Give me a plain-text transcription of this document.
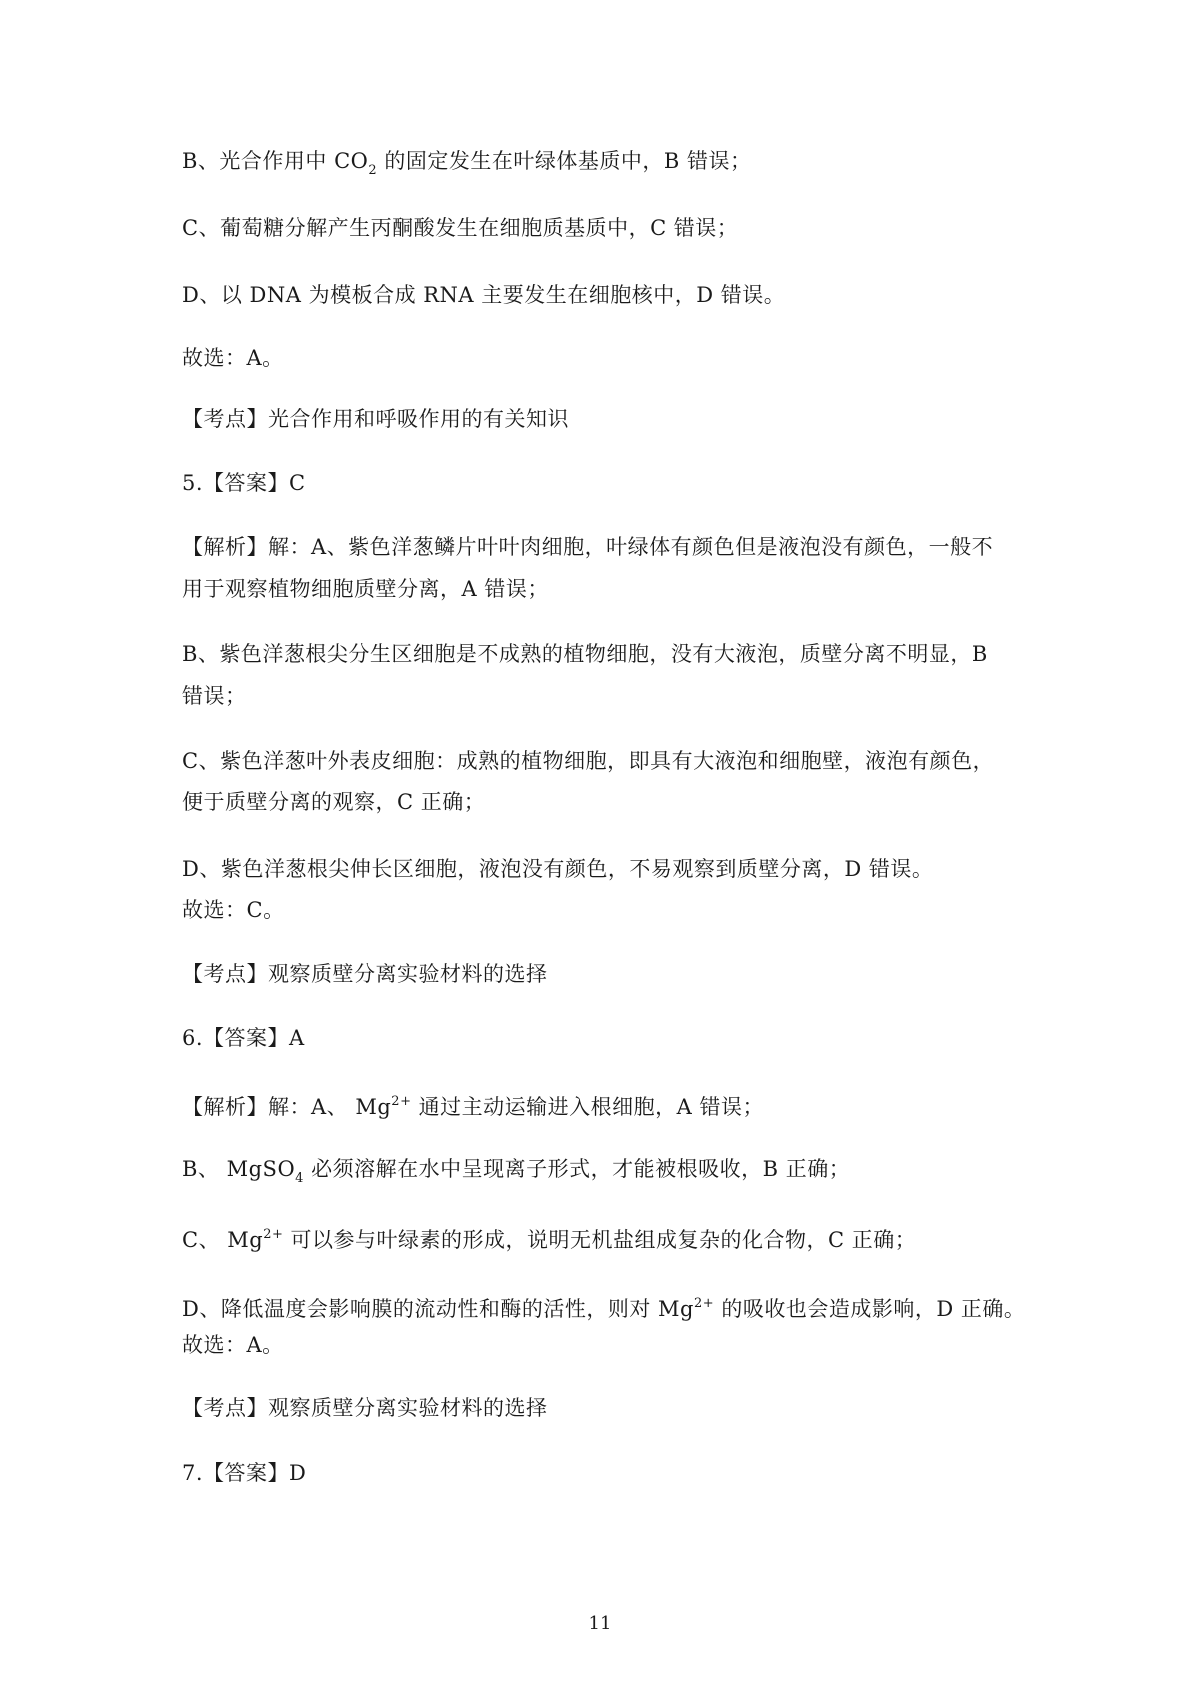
B、光合作用中 $CO_2$ 的固定发生在叶绿体基质中，B 错误；
C、葡萄糖分解产生丙酮酸发生在细胞质基质中，C 错误；
D、以 DNA 为模板合成 RNA 主要发生在细胞核中，D 错误。
故选：A。
【考点】光合作用和呼吸作用的有关知识
5.【答案】C
【解析】解：A、紫色洋葱鳞片叶叶肉细胞，叶绿体有颜色但是液泡没有颜色，一般不
用于观察植物细胞质壁分离，A 错误；
B、紫色洋葱根尖分生区细胞是不成熟的植物细胞，没有大液泡，质壁分离不明显，B
错误；
C、紫色洋葱叶外表皮细胞：成熟的植物细胞，即具有大液泡和细胞壁，液泡有颜色，
便于质壁分离的观察，C 正确；
D、紫色洋葱根尖伸长区细胞，液泡没有颜色，不易观察到质壁分离，D 错误。
故选：C。
【考点】观察质壁分离实验材料的选择
6.【答案】A
【解析】解：A、 $Mg^{2+}$ 通过主动运输进入根细胞，A 错误；
B、 MgSO$_4$ 必须溶解在水中呈现离子形式，才能被根吸收，B 正确；
C、 $Mg^{2+}$ 可以参与叶绿素的形成，说明无机盐组成复杂的化合物，C 正确；
D、降低温度会影响膜的流动性和酶的活性，则对 $Mg^{2+}$ 的吸收也会造成影响，D 正确。
故选：A。
【考点】观察质壁分离实验材料的选择
7.【答案】D
11
